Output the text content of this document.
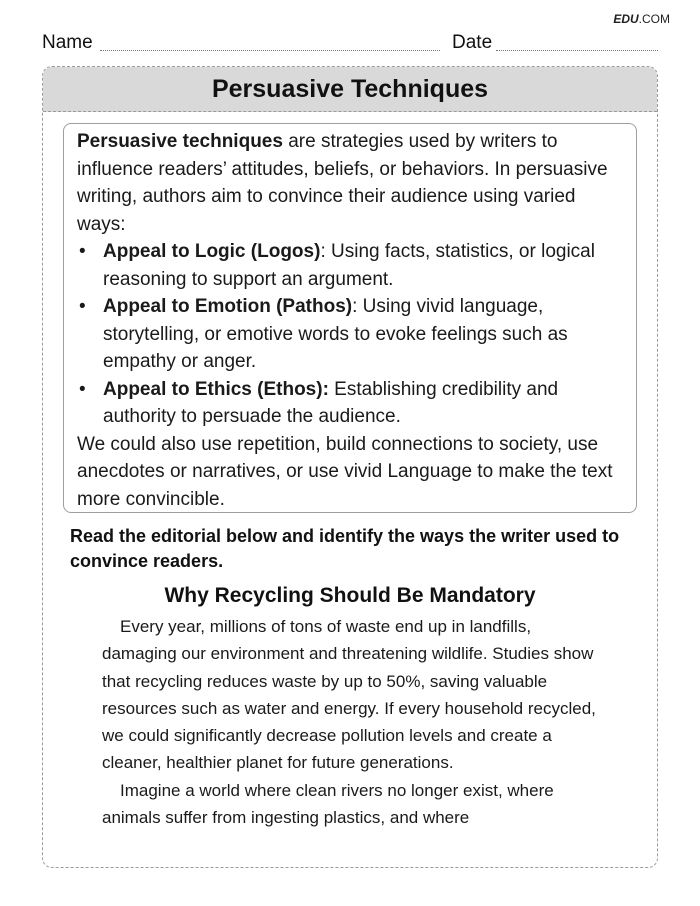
EDU.COM
Name	Date
Persuasive Techniques

Persuasive techniques are strategies used by writers to influence readers’ attitudes, beliefs, or behaviors. In persuasive writing, authors aim to convince their audience using varied ways:

• Appeal to Logic (Logos): Using facts, statistics, or logical reasoning to support an argument.
• Appeal to Emotion (Pathos): Using vivid language, storytelling, or emotive words to evoke feelings such as empathy or anger.
• Appeal to Ethics (Ethos): Establishing credibility and authority to persuade the audience.

We could also use repetition, build connections to society, use anecdotes or narratives, or use vivid Language to make the text more convincible.

Read the editorial below and identify the ways the writer used to convince readers.
Why Recycling Should Be Mandatory

Every year, millions of tons of waste end up in landfills, damaging our environment and threatening wildlife. Studies show that recycling reduces waste by up to 50%, saving valuable resources such as water and energy. If every household recycled, we could significantly decrease pollution levels and create a cleaner, healthier planet for future generations.

Imagine a world where clean rivers no longer exist, where animals suffer from ingesting plastics, and where
